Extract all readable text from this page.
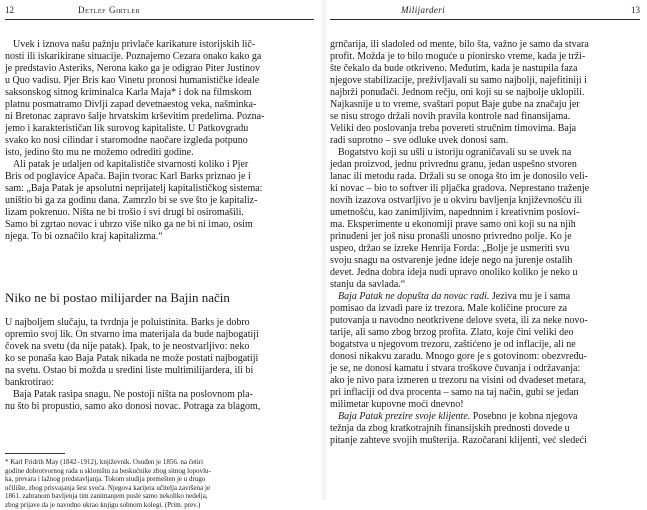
12	Detlef Girtler

Uvek i iznova našu pažnju privlače karikature istorijskih lič-
nosti ili iskarikirane situacije. Poznajemo Cezara onako kako ga
je predstavio Asteriks, Nerona kako ga je odigrao Piter Justinov
u Quo vadisu. Pjer Bris kao Vinetu pronosi humanističke ideale
saksonskog sitnog kriminalca Karla Maja* i dok na filmskom
platnu posmatramo Divlji zapad devetnaestog veka, našminka-
ni Bretonac zapravo šalje hrvatskim krševitim predelima. Pozna-
jemo i karakterističan lik surovog kapitaliste. U Patkovgradu
svako ko nosi cilindar i staromodne naočare izgleda potpuno
isto, jedino što mu ne možemo odrediti godine.

Ali patak je udaljen od kapitalističe stvarnosti koliko i Pjer
Bris od poglavice Apača. Bajin tvorac Karl Barks priznao je i
sam: „Baja Patak je apsolutni neprijatelj kapitalističkog sistema:
uništio bi ga za godinu dana. Zamrzlo bi se sve što je kapitaliz-
lizam pokrenuo. Ništa ne bi trošio i svi drugi bi osiromašili.
Samo bi zgrtao novac i ubrzo više niko ga ne bi ni imao, osim
njega. To bi označilo kraj kapitalizma.“

Niko ne bi postao milijarder na Bajin način

U najboljem slučaju, ta tvrdnja je poluistinita. Barks je dobro
opremio svoj lik. On stvarno ima materijala da bude najbogatiji
čovek na svetu (da nije patak). Ipak, to je neostvarljivo: neko
ko se ponaša kao Baja Patak nikada ne može postati najbogatiji
na svetu. Ostao bi možda u sredini liste multimilijardera, ili bi
bankrotirao:

Baja Patak rasipa snagu. Ne postoji ništa na poslovnom pla-
nu što bi propustio, samo ako donosi novac. Potraga za blagom,

* Karl Fridrih May (1842–1912), književnik. Osuđen je 1856. na četiri
godine dobrotvornog rada u skloništu za beskućnike zbog sitnog lopovlu-
ka, prevara i lažnog predstavljanja. Tokom studija premešten je u drugo
učilište, zbog prisvajanja šest sveća. Njegova karijera učitelja završena je
1861. zabranom bavljenja tim zanimanjem posle samo nekoliko nedelja,
zbog prijave da je navodno ukrao knjigu sobnom kolegi. (Prim. prev.)
Milijarderi	13

grnčarija, ili sladoled od mente, bilo šta, važno je samo da stvara
profit. Možda je to bilo moguće u pionirsko vreme, kada je trži-
šte čekalo da bude otkriveno. Međutim, kada je nastupila faza
njegove stabilizacije, preživljavali su samo najbolji, najefitiniji i
najbrži ponuđači. Jednom rečju, oni koji su se najbolje uklopili.
Najkasnije u to vreme, svaštari poput Baje gube na značaju jer
se nisu strogo držali novih pravila kontrole nad finansijama.
Veliki deo poslovanja treba povereti stručnim timovima. Baja
radi suprotno – sve odluke uvek donosi sam.

Bogatstvo koji su ušli u istoriju ograničavali su se uvek na
jedan proizvod, jednu privrednu granu, jedan uspešno stvoren
lanac ili metodu rada. Držali su se onoga što im je donosilo veli-
ki novac – bio to softver ili pljačka gradova. Neprestano traženje
novih izazova ostvarljivo je u okviru bavljenja književnošću ili
umetnošću, kao zanimljivim, napednnim i kreativnim poslovi-
ma. Eksperimente u ekonomiji prave samo oni koji su na njih
prinuđeni jer još nisu pronašli unosno privredno polje. Ko je
uspeo, držao se izreke Henrija Forda: „Bolje je usmeriti svu
svoju snagu na ostvarenje jedne ideje nego na jurenje ostalih
devet. Jedna dobra ideja nudi upravo onoliko koliko je neko u
stanju da savlada.“

Baja Patak ne dopušta da novac radi. Jeziva mu je i sama
pomisao da izvadi pare iz trezora. Male količine procure za
putovanja u navodno neotkrivene delove sveta, ili za neke novo-
tarije, ali samo zbog brzog profita. Zlato, koje čini veliki deo
bogatstva u njegovom trezoru, zaštićeno je od inflacije, ali ne
donosi nikakvu zaradu. Mnogo gore je s gotovinom: obezvređu-
je se, ne donosi kamatu i stvara troškove čuvanja i održavanja:
ako je nivo para izmeren u trezoru na visini od dvadeset metara,
pri inflaciji od dva procenta – samo na taj način, gubi se jedan
milimetar kupovne moći dnevno!

Baja Patak prezire svoje klijente. Posebno je kobna njegova
težnja da zbog kratkotrajnih finansijskih prednosti dovede u
pitanje zahteve svojih mušterija. Razočarani klijenti, već sledeći
